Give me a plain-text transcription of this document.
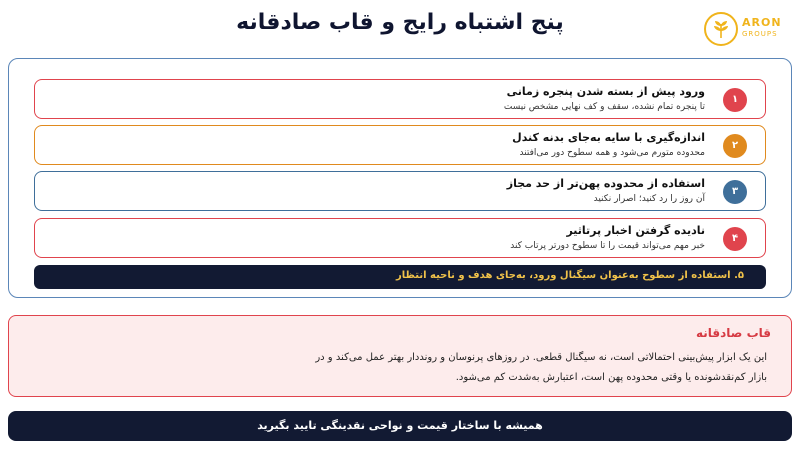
پنج اشتباه رایج و قاب صادقانه	ARON
GROUPS
۱
ورود پیش از بسته شدن پنجره زمانی
تا پنجره تمام نشده، سقف و کف نهایی مشخص نیست
۲
اندازه‌گیری با سایه به‌جای بدنه کندل
محدوده متورم می‌شود و همه سطوح دور می‌افتند
۳
استفاده از محدوده پهن‌تر از حد مجاز
آن روز را رد کنید؛ اصرار نکنید
۴
نادیده گرفتن اخبار پرتاثیر
خبر مهم می‌تواند قیمت را تا سطوح دورتر پرتاب کند
۵. استفاده از سطوح به‌عنوان سیگنال ورود، به‌جای هدف و ناحیه انتظار
قاب صادقانه
این یک ابزار پیش‌بینی احتمالاتی است، نه سیگنال قطعی. در روزهای پرنوسان و رونددار بهتر عمل می‌کند و در
بازار کم‌نقدشونده یا وقتی محدوده پهن است، اعتبارش به‌شدت کم می‌شود.
همیشه با ساختار قیمت و نواحی نقدینگی تایید بگیرید
